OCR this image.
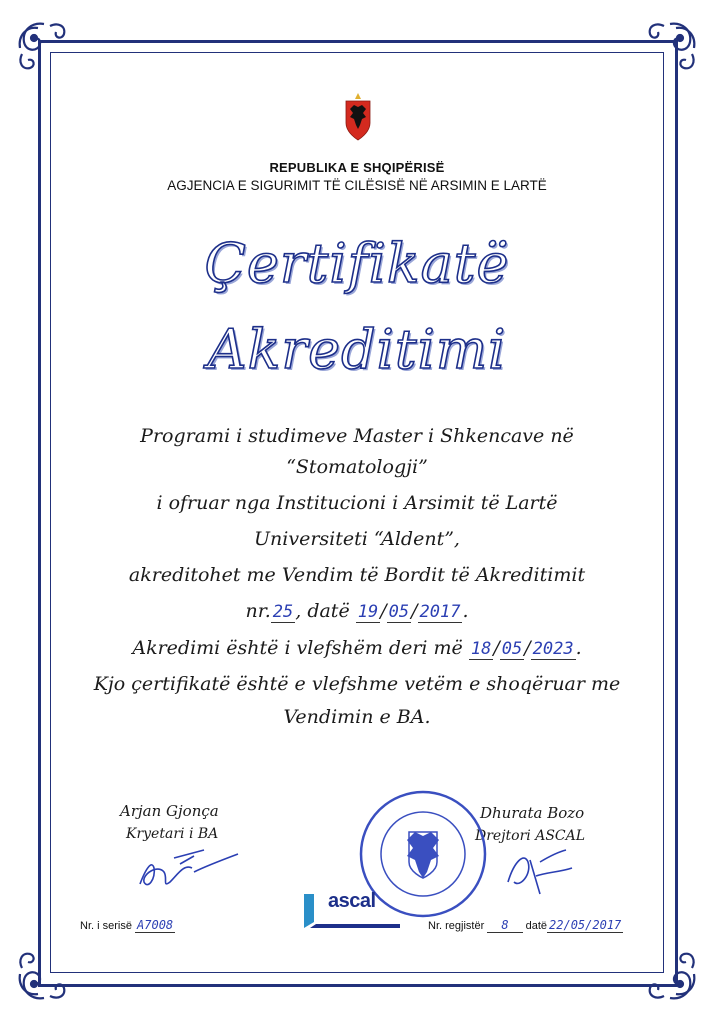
REPUBLIKA E SHQIPËRISË
AGJENCIA E SIGURIMIT TË CILËSISË NË ARSIMIN E LARTË
Çertifikatë
Akreditimi
Programi i studimeve Master i Shkencave në
“Stomatologji”
i ofruar nga Institucioni i Arsimit të Lartë
Universiteti “Aldent”,
akreditohet me Vendim të Bordit të Akreditimit
nr. 25 , datë 19 / 05 / 2017 .
Akredimi është i vlefshëm deri më 18 / 05 / 2023 .
Kjo çertifikatë është e vlefshme vetëm e shoqëruar me
Vendimin e BA.
Arjan Gjonça
Kryetari i BA
Dhurata Bozo
Drejtori ASCAL
ascal
Nr. i serisë A7008	Nr. regjistër 8 datë 22/05/2017
